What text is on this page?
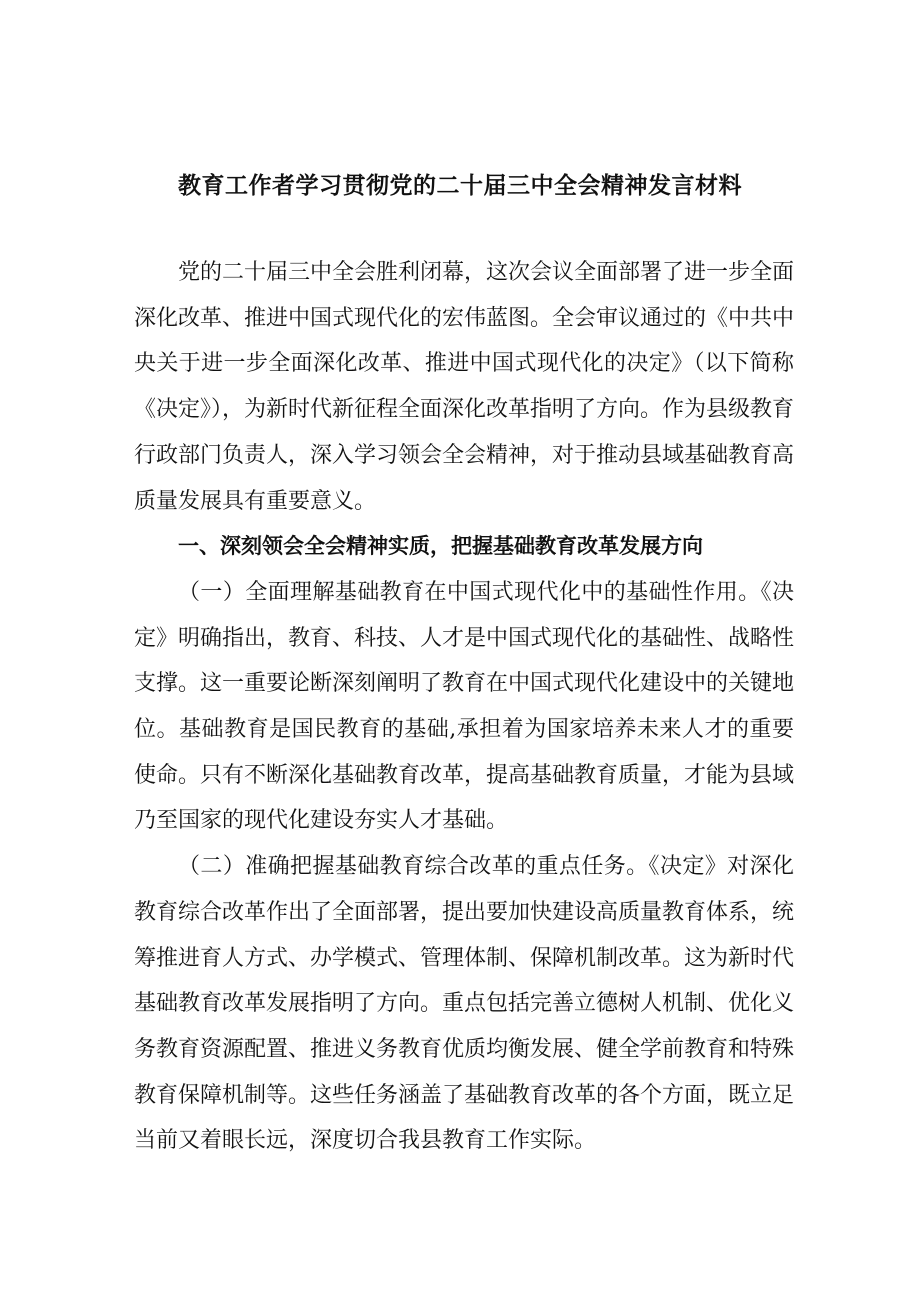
教育工作者学习贯彻党的二十届三中全会精神发言材料

党的二十届三中全会胜利闭幕，这次会议全面部署了进一步全面深化改革、推进中国式现代化的宏伟蓝图。全会审议通过的《中共中央关于进一步全面深化改革、推进中国式现代化的决定》（以下简称《决定》），为新时代新征程全面深化改革指明了方向。作为县级教育行政部门负责人，深入学习领会全会精神，对于推动县域基础教育高质量发展具有重要意义。

一、深刻领会全会精神实质，把握基础教育改革发展方向

（一）全面理解基础教育在中国式现代化中的基础性作用。《决定》明确指出，教育、科技、人才是中国式现代化的基础性、战略性支撑。这一重要论断深刻阐明了教育在中国式现代化建设中的关键地位。基础教育是国民教育的基础,承担着为国家培养未来人才的重要使命。只有不断深化基础教育改革，提高基础教育质量，才能为县域乃至国家的现代化建设夯实人才基础。

（二）准确把握基础教育综合改革的重点任务。《决定》对深化教育综合改革作出了全面部署，提出要加快建设高质量教育体系，统筹推进育人方式、办学模式、管理体制、保障机制改革。这为新时代基础教育改革发展指明了方向。重点包括完善立德树人机制、优化义务教育资源配置、推进义务教育优质均衡发展、健全学前教育和特殊教育保障机制等。这些任务涵盖了基础教育改革的各个方面，既立足当前又着眼长远，深度切合我县教育工作实际。
